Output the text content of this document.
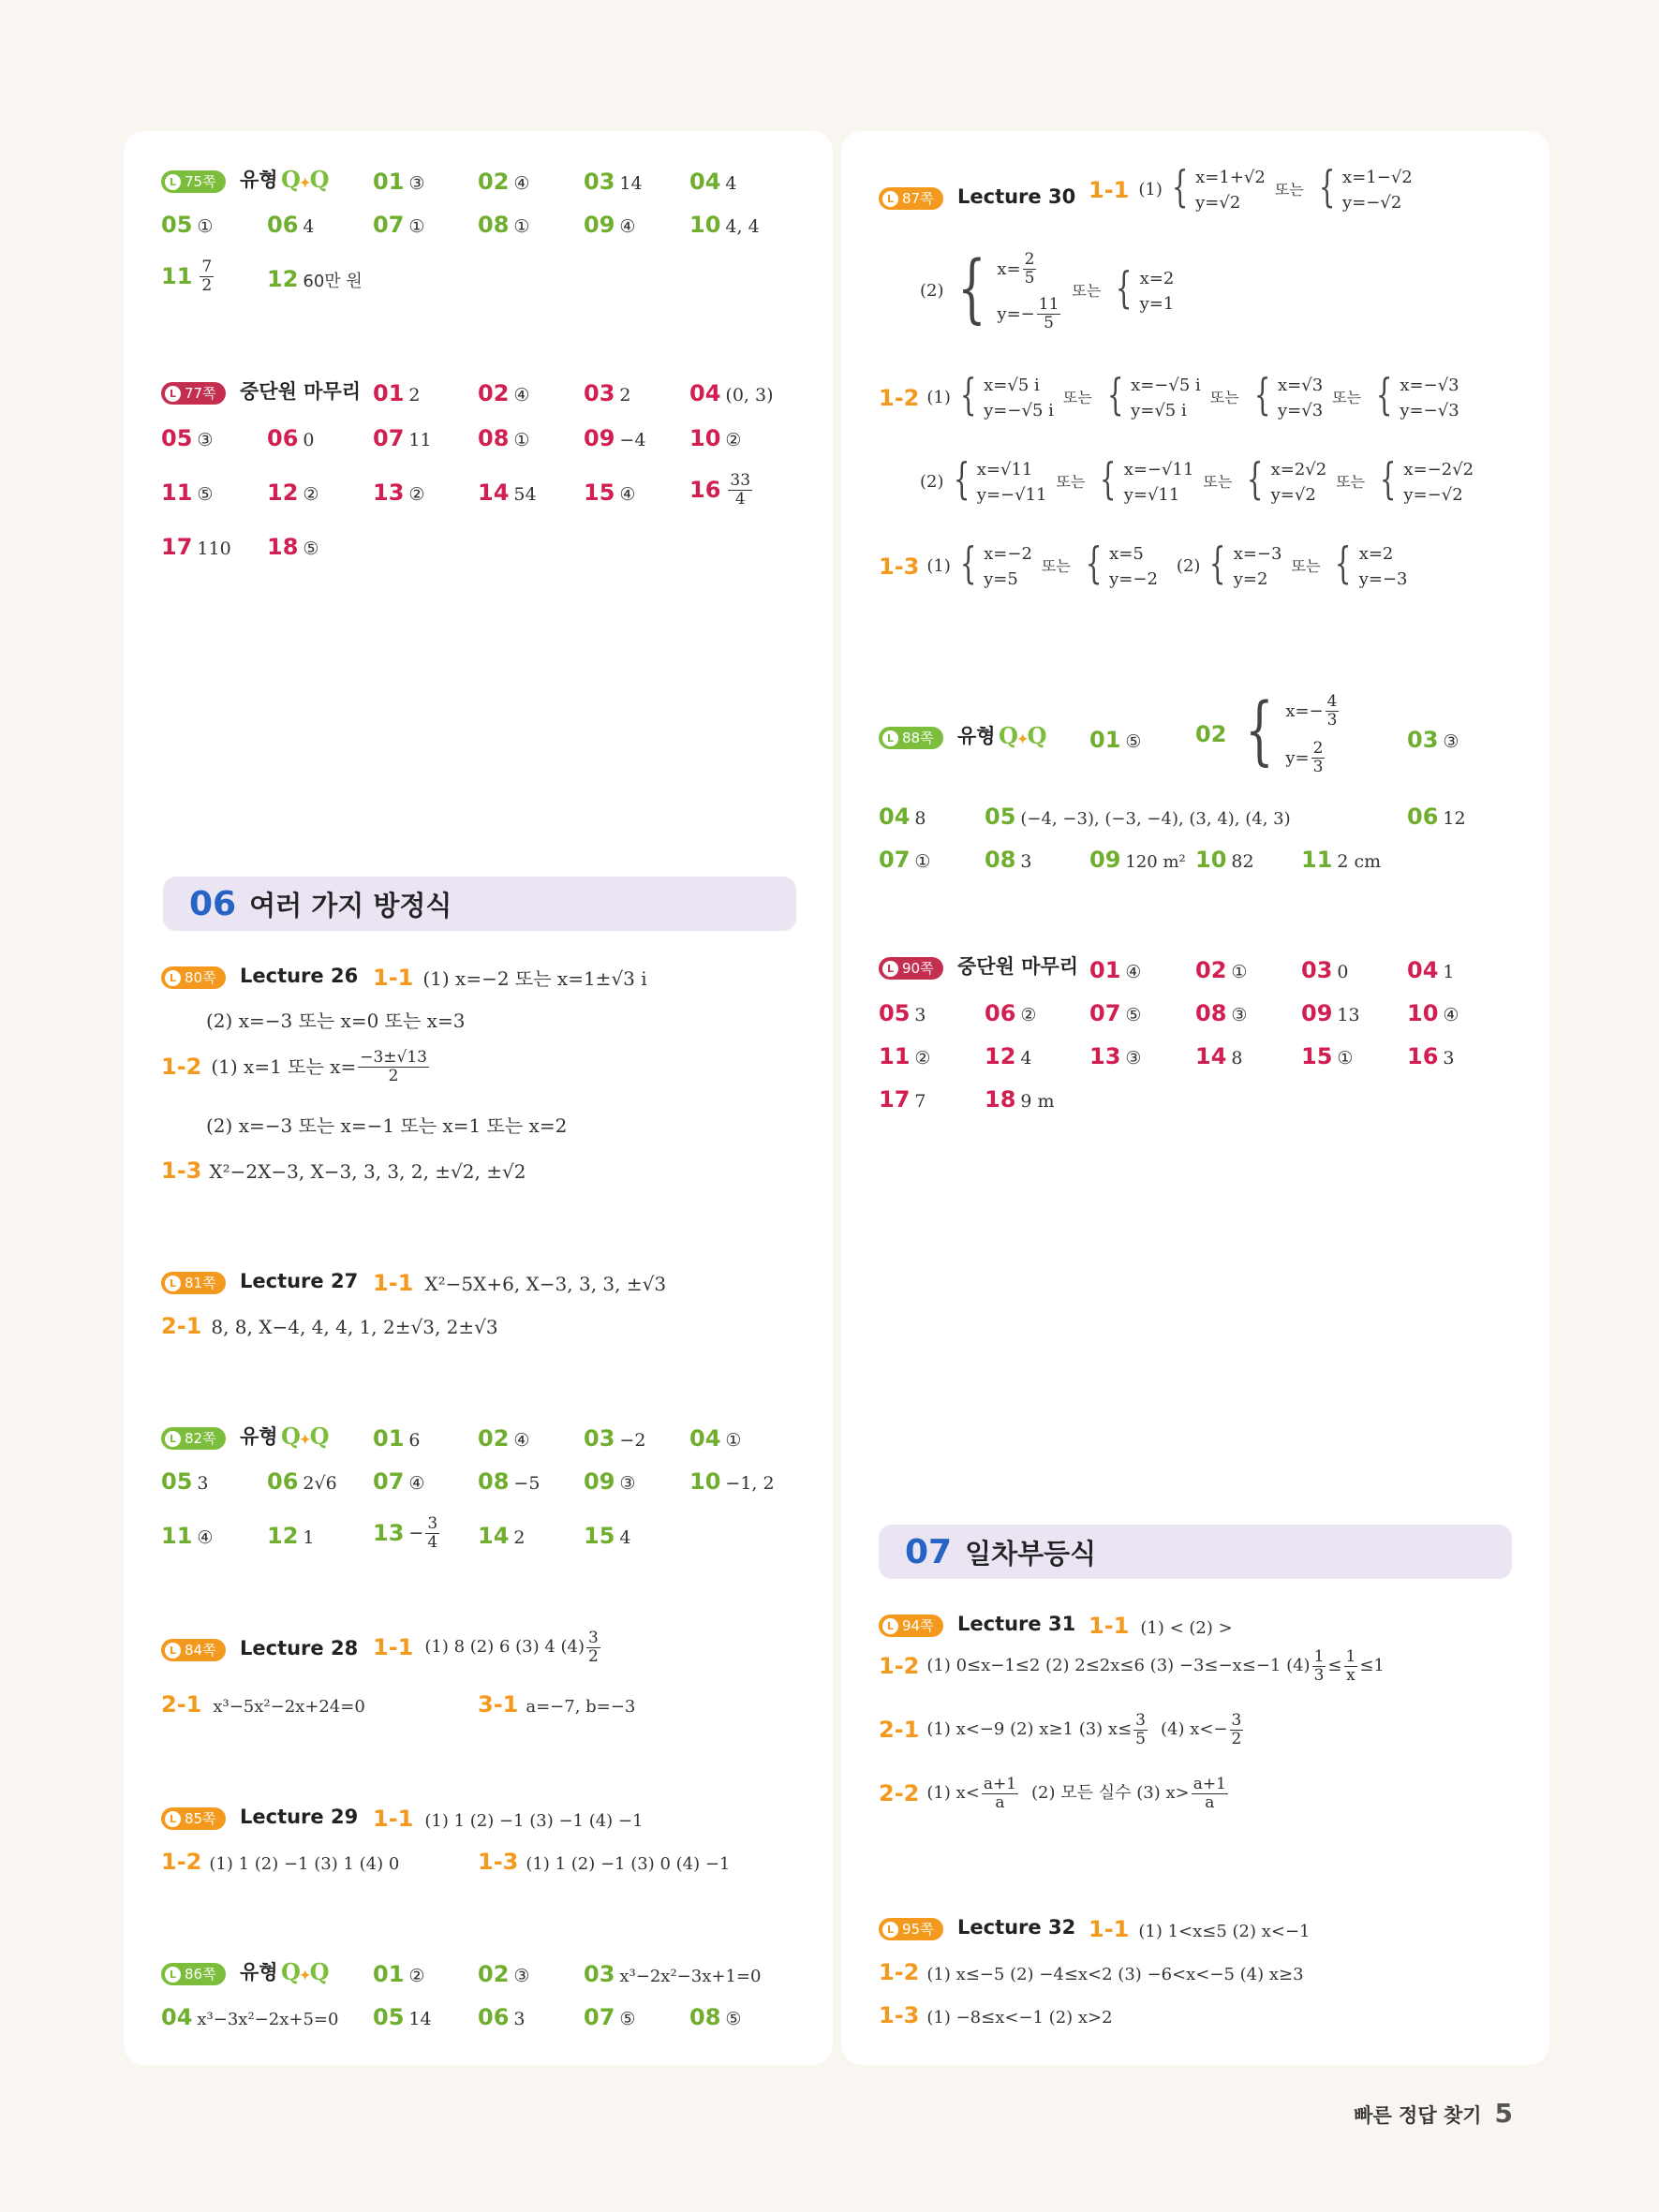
L 75쪽 유형 Q✦Q 01 ③ 02 ④ 03 14 04 4
05 ① 06 4	07 ① 08 ① 09 ④ 10 4, 4
$11 \frac{7}{2} 12$ 60만 원
L 77쪽 중단원 마무리 01 2	02 ④ 03 2	04 (0, 3)
05 ③ 06 0	07 11 08 ① 09 −4 10 ②
11 ⑤ 12 ② 13 ② 14 54 15 ④ $16 \frac{33}{4}$
17 110 18 ⑤
06 여러 가지 방정식
L 80쪽 Lecture 26 1-1 (1) x=−2 또는 x=1±√3 i
(2) x=−3 또는 x=0 또는 x=3
1-2 (1) x=1 또는 $x= \frac{-3\pm√13}{2}$
(2) x=−3 또는 x=−1 또는 x=1 또는 x=2
1-3 X²−2X−3, X−3, 3, 3, 2, ±√2, ±√2
L 81쪽 Lecture 27 1-1 X²−5X+6, X−3, 3, 3, ±√3
2-1 8, 8, X−4, 4, 4, 1, 2±√3, 2±√3
L 82쪽 유형 Q✦Q 01 6	02 ④ 03 −2 04 ①
05 3	06 2√6 07 ④ 08 −5 09 ③ 10 −1, 2
11 ④ 12 1	$13 - \frac{3}{4} 14$ 2	15 4
L 84쪽 Lecture 28 1-1 (1) 8 (2) 6 (3) 4 $(4) \frac{3}{2}$
2-1 x³−5x²−2x+24=0	3-1 a=−7, b=−3
L 85쪽 Lecture 29 1-1 (1) 1 (2) −1 (3) −1 (4) −1
1-2 (1) 1 (2) −1 (3) 1 (4) 0	1-3 (1) 1 (2) −1 (3) 0 (4) −1
L 86쪽 유형 Q✦Q 01 ② 02 ③ 03 x³−2x²−3x+1=0
04 x³−3x²−2x+5=0 05 14 06 3	07 ⑤ 08 ⑤
L 87쪽 Lecture 30 1-1 (1) { x=1+√2
y=√2
또는 { x=1−√2
y=−√2
(2) { $x= \frac{2}{5}$
$y=- \frac{11}{5}$
또는 { x=2
y=1
1-2 (1) { x=√5 i
y=−√5 i
또는 { x=−√5 i
y=√5 i
또는 { x=√3
y=√3
또는 { x=−√3
y=−√3
(2) { x=√11
y=−√11
또는 { x=−√11
y=√11
또는 { x=2√2
y=√2
또는 { x=−2√2
y=−√2
1-3 (1) { x=−2
y=5
또는 { x=5
y=−2
(2) { x=−3
y=2
또는 { x=2
y=−3
L 88쪽 유형 Q✦Q 01 ⑤ 02 { $x=- \frac{4}{3}$
$y= \frac{2}{3}$
03 ③
04 8	05 (−4, −3), (−3, −4), (3, 4), (4, 3)	06 12
07 ① 08 3	09 120 m² 10 82 11 2 cm
L 90쪽 중단원 마무리 01 ④ 02 ① 03 0	04 1
05 3	06 ② 07 ⑤ 08 ③ 09 13 10 ④
11 ② 12 4	13 ③ 14 8	15 ① 16 3
17 7	18 9 m
07 일차부등식
L 94쪽 Lecture 31 1-1 (1) < (2) >
1-2 (1) 0≤x−1≤2 (2) 2≤2x≤6 (3) −3≤−x≤−1 $(4) \frac{1}{3} \le \frac{1}{x} \le 1$
2-1 (1) x<−9 (2) x≥1 (3) $x\le \frac{3}{5} (4)$ $x<- \frac{3}{2}$
2-2 (1) $x< \frac{a+1}{a} (2)$ 모든 실수 (3) $x> \frac{a+1}{a}$
L 95쪽 Lecture 32 1-1 (1) 1<x≤5 (2) x<−1
1-2 (1) x≤−5 (2) −4≤x<2 (3) −6<x<−5 (4) x≥3
1-3 (1) −8≤x<−1 (2) x>2
빠른 정답 찾기 5
